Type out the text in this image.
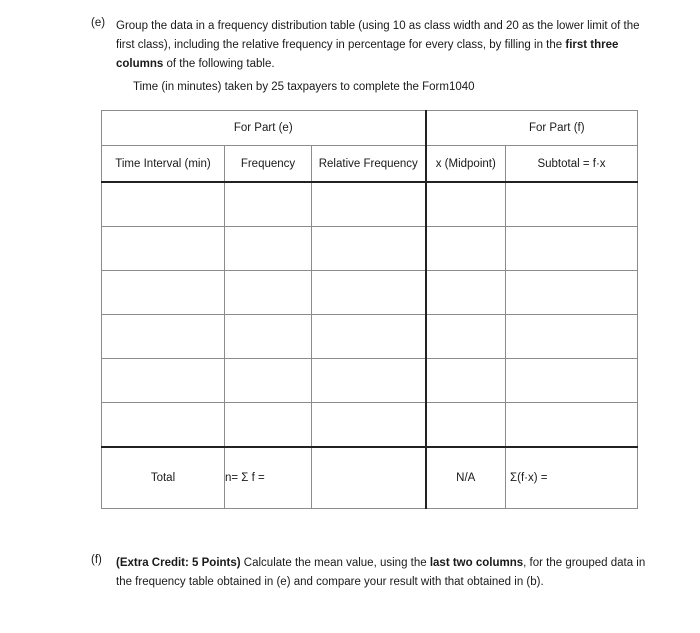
(e) Group the data in a frequency distribution table (using 10 as class width and 20 as the lower limit of the first class), including the relative frequency in percentage for every class, by filling in the first three columns of the following table.
Time (in minutes) taken by 25 taxpayers to complete the Form1040
For Part (e)			For Part (f)	
Time Interval (min)	Frequency	Relative Frequency	x (Midpoint)	Subtotal = f·x

Total	n= Σ f =		N/A	Σ(f·x) =
(f) (Extra Credit: 5 Points) Calculate the mean value, using the last two columns, for the grouped data in the frequency table obtained in (e) and compare your result with that obtained in (b).
